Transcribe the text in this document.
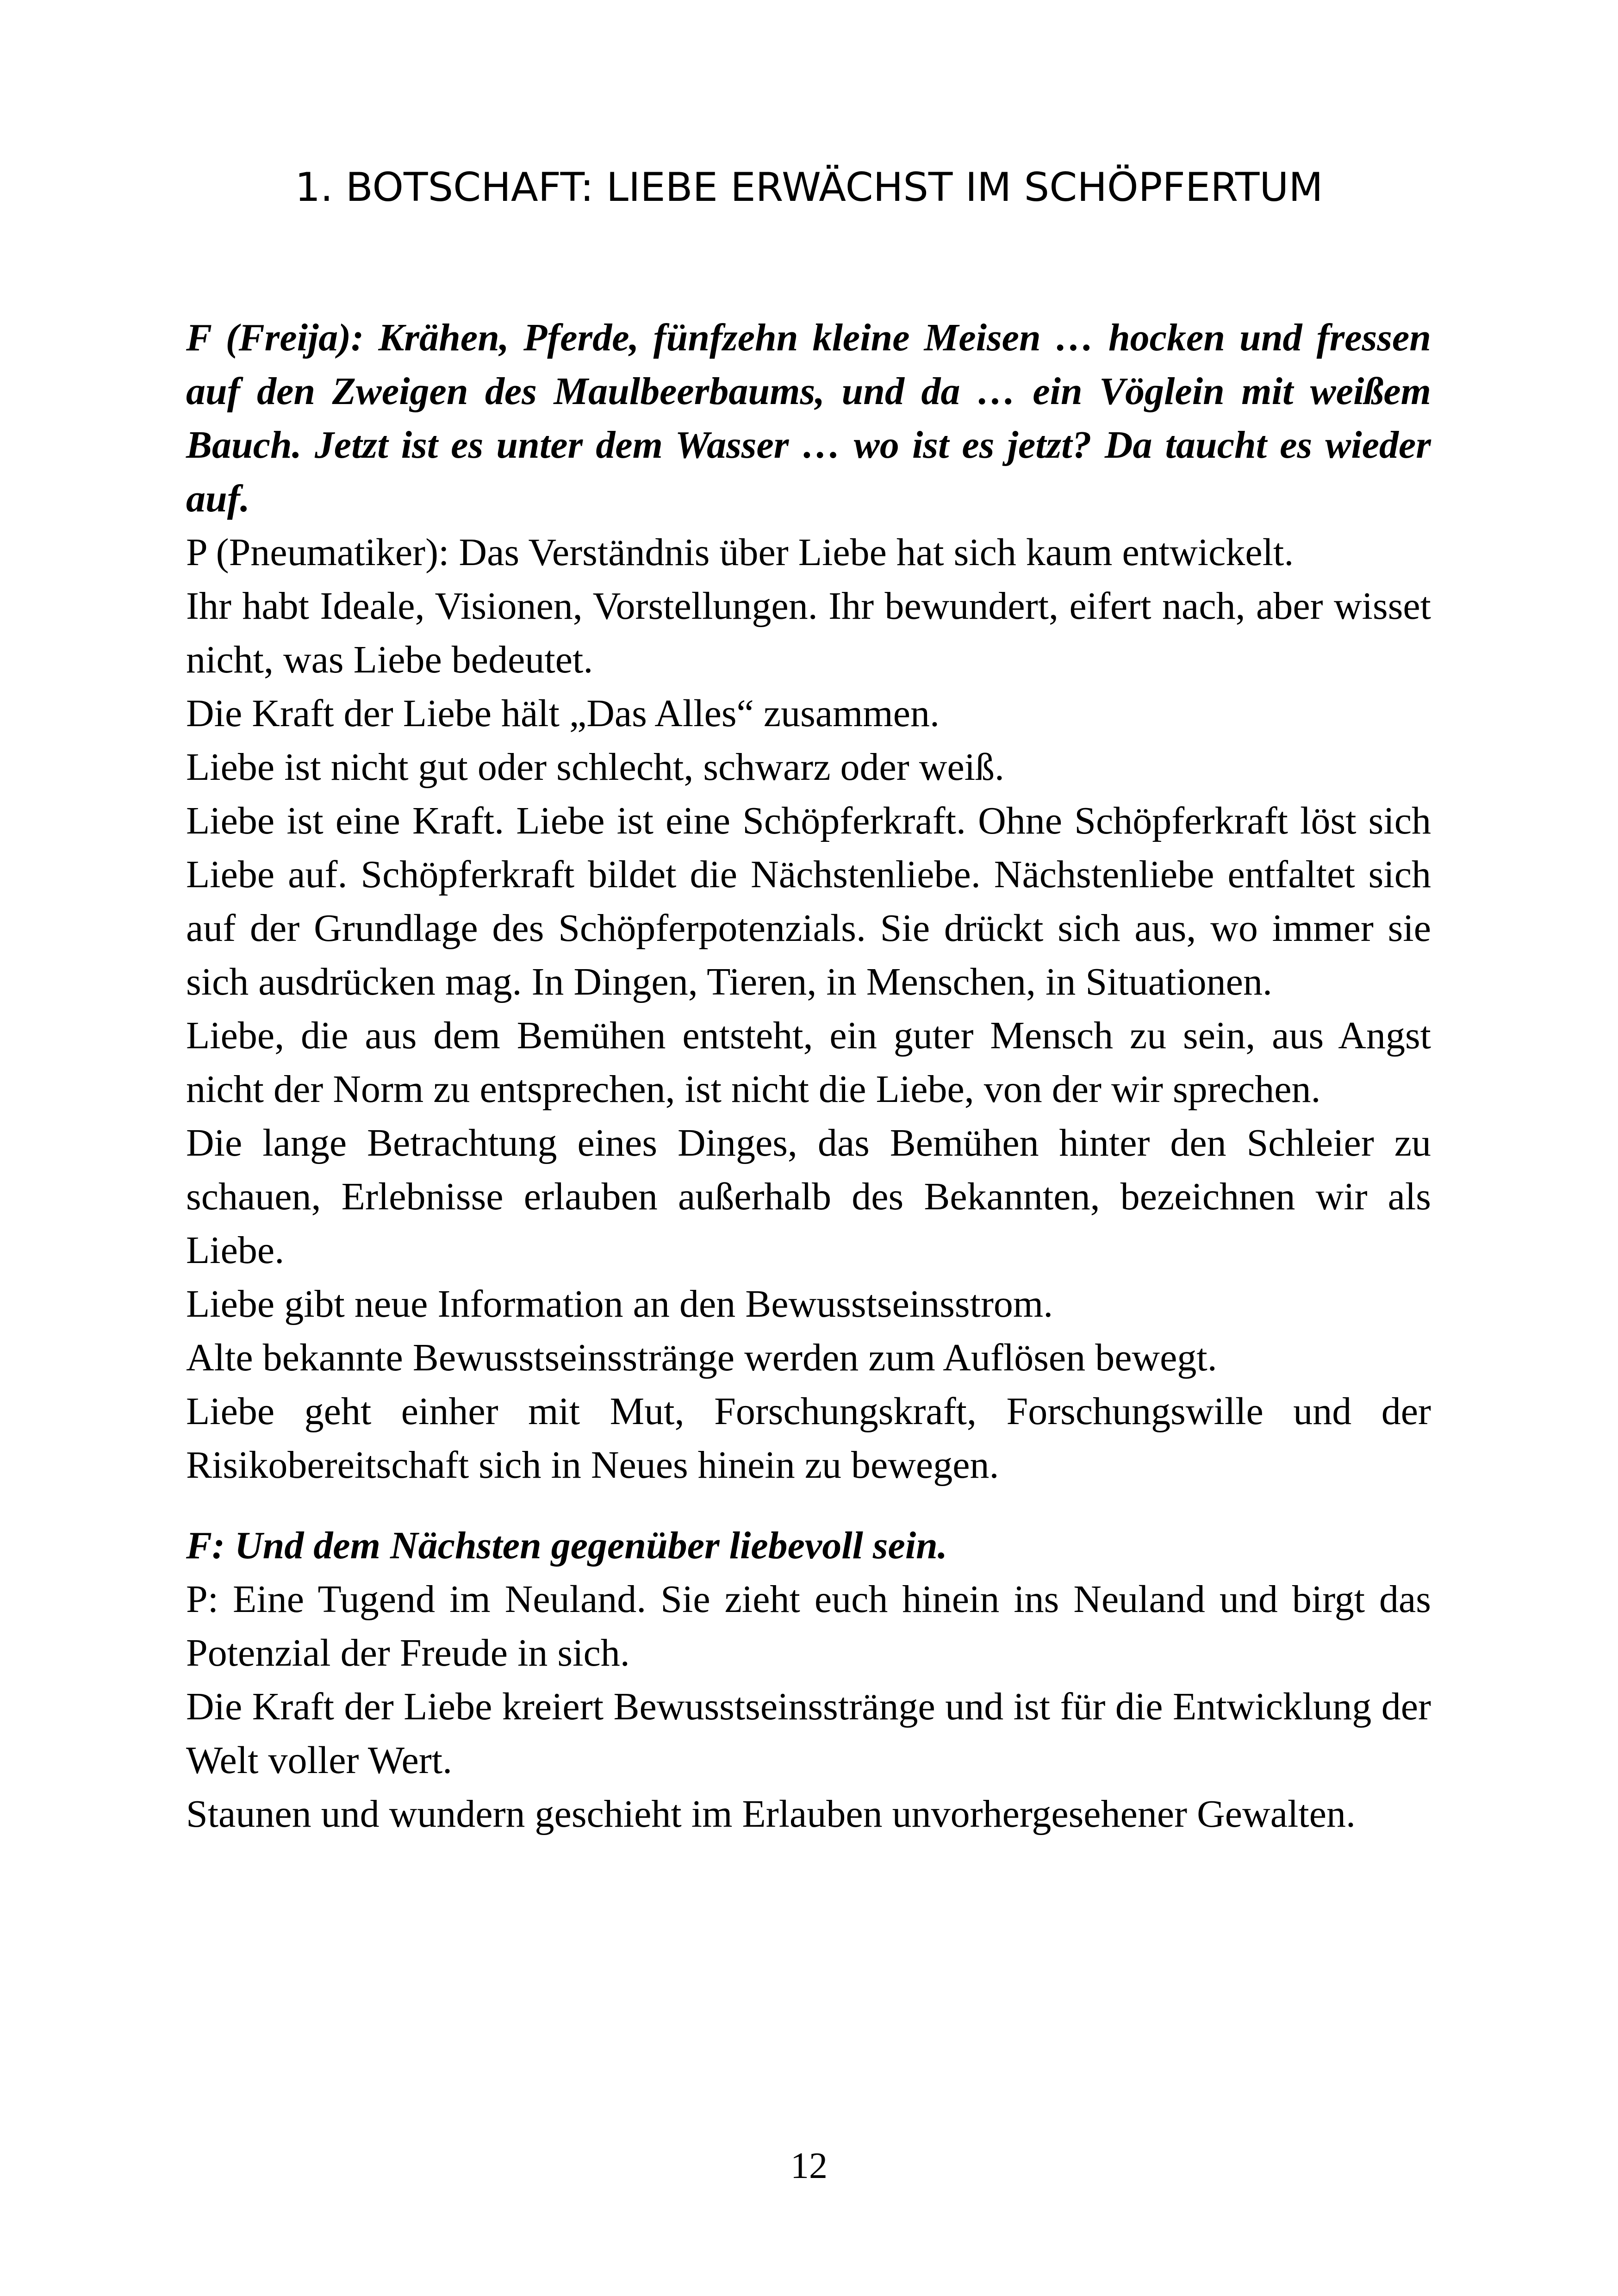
1. BOTSCHAFT: LIEBE ERWÄCHST IM SCHÖPFERTUM

F (Freija): Krähen, Pferde, fünfzehn kleine Meisen … hocken und fressen auf den Zweigen des Maulbeerbaums, und da … ein Vöglein mit weißem Bauch. Jetzt ist es unter dem Wasser … wo ist es jetzt? Da taucht es wieder auf.

P (Pneumatiker): Das Verständnis über Liebe hat sich kaum entwickelt.

Ihr habt Ideale, Visionen, Vorstellungen. Ihr bewundert, eifert nach, aber wisset nicht, was Liebe bedeutet.

Die Kraft der Liebe hält „Das Alles“ zusammen.

Liebe ist nicht gut oder schlecht, schwarz oder weiß.

Liebe ist eine Kraft. Liebe ist eine Schöpferkraft. Ohne Schöpferkraft löst sich Liebe auf. Schöpferkraft bildet die Nächstenliebe. Nächstenliebe entfaltet sich auf der Grundlage des Schöpferpotenzials. Sie drückt sich aus, wo immer sie sich ausdrücken mag. In Dingen, Tieren, in Menschen, in Situationen.

Liebe, die aus dem Bemühen entsteht, ein guter Mensch zu sein, aus Angst nicht der Norm zu entsprechen, ist nicht die Liebe, von der wir sprechen.

Die lange Betrachtung eines Dinges, das Bemühen hinter den Schleier zu schauen, Erlebnisse erlauben außerhalb des Bekannten, bezeichnen wir als Liebe.

Liebe gibt neue Information an den Bewusstseinsstrom.

Alte bekannte Bewusstseinsstränge werden zum Auflösen bewegt.

Liebe geht einher mit Mut, Forschungskraft, Forschungswille und der Risikobereitschaft sich in Neues hinein zu bewegen.

F: Und dem Nächsten gegenüber liebevoll sein.

P: Eine Tugend im Neuland. Sie zieht euch hinein ins Neuland und birgt das Potenzial der Freude in sich.

Die Kraft der Liebe kreiert Bewusstseinsstränge und ist für die Entwicklung der Welt voller Wert.

Staunen und wundern geschieht im Erlauben unvorhergesehener Gewalten.

12
